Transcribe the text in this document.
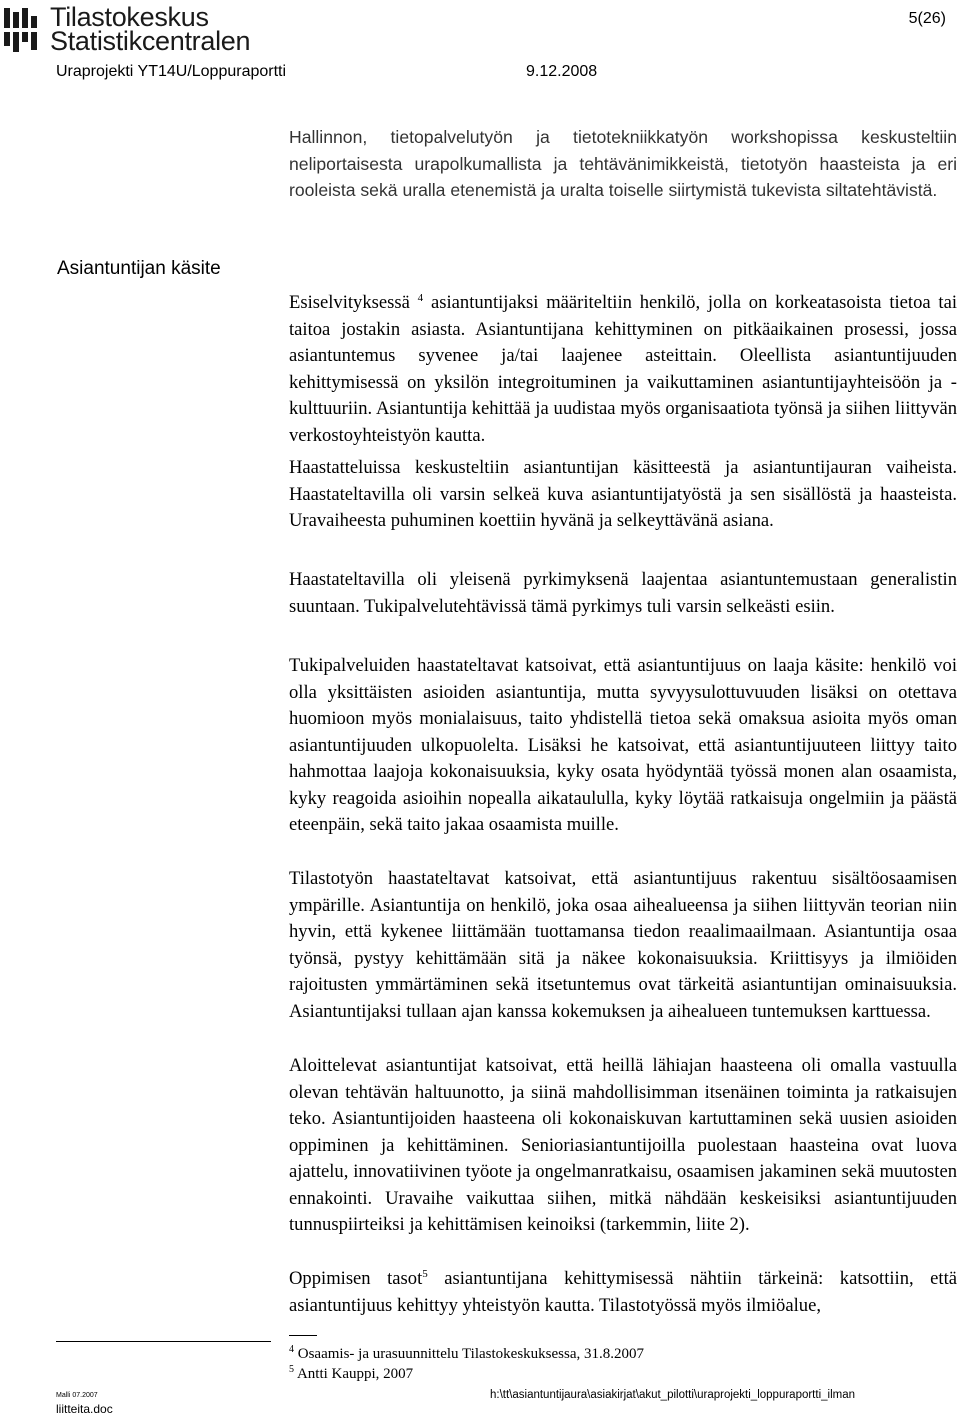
Tilastokeskus
Statistikcentralen
5(26)
Uraprojekti YT14U/Loppuraportti	9.12.2008
Asiantuntijan käsite

Hallinnon, tietopalvelutyön ja tietotekniikkatyön workshopissa keskusteltiin neliportaisesta urapolkumallista ja tehtävänimikkeistä, tietotyön haasteista ja eri rooleista sekä uralla etenemistä ja uralta toiselle siirtymistä tukevista siltatehtävistä.

Esiselvityksessä $^4$ asiantuntijaksi määriteltiin henkilö, jolla on korkeatasoista tietoa tai taitoa jostakin asiasta. Asiantuntijana kehittyminen on pitkäaikainen prosessi, jossa asiantuntemus syvenee ja/tai laajenee asteittain. Oleellista asiantuntijuuden kehittymisessä on yksilön integroituminen ja vaikuttaminen asiantuntijayhteisöön ja -kulttuuriin. Asiantuntija kehittää ja uudistaa myös organisaatiota työnsä ja siihen liittyvän verkostoyhteistyön kautta.

Haastatteluissa keskusteltiin asiantuntijan käsitteestä ja asiantuntijauran vaiheista. Haastateltavilla oli varsin selkeä kuva asiantuntijatyöstä ja sen sisällöstä ja haasteista. Uravaiheesta puhuminen koettiin hyvänä ja selkeyttävänä asiana.

Haastateltavilla oli yleisenä pyrkimyksenä laajentaa asiantuntemustaan generalistin suuntaan. Tukipalvelutehtävissä tämä pyrkimys tuli varsin selkeästi esiin.

Tukipalveluiden haastateltavat katsoivat, että asiantuntijuus on laaja käsite: henkilö voi olla yksittäisten asioiden asiantuntija, mutta syvyysulottuvuuden lisäksi on otettava huomioon myös monialaisuus, taito yhdistellä tietoa sekä omaksua asioita myös oman asiantuntijuuden ulkopuolelta. Lisäksi he katsoivat, että asiantuntijuuteen liittyy taito hahmottaa laajoja kokonaisuuksia, kyky osata hyödyntää työssä monen alan osaamista, kyky reagoida asioihin nopealla aikataululla, kyky löytää ratkaisuja ongelmiin ja päästä eteenpäin, sekä taito jakaa osaamista muille.

Tilastotyön haastateltavat katsoivat, että asiantuntijuus rakentuu sisältöosaamisen ympärille. Asiantuntija on henkilö, joka osaa aihealueensa ja siihen liittyvän teorian niin hyvin, että kykenee liittämään tuottamansa tiedon reaalimaailmaan. Asiantuntija osaa työnsä, pystyy kehittämään sitä ja näkee kokonaisuuksia. Kriittisyys ja ilmiöiden rajoitusten ymmärtäminen sekä itsetuntemus ovat tärkeitä asiantuntijan ominaisuuksia. Asiantuntijaksi tullaan ajan kanssa kokemuksen ja aihealueen tuntemuksen karttuessa.

Aloittelevat asiantuntijat katsoivat, että heillä lähiajan haasteena oli omalla vastuulla olevan tehtävän haltuunotto, ja siinä mahdollisimman itsenäinen toiminta ja ratkaisujen teko. Asiantuntijoiden haasteena oli kokonaiskuvan kartuttaminen sekä uusien asioiden oppiminen ja kehittäminen. Senioriasiantuntijoilla puolestaan haasteina ovat luova ajattelu, innovatiivinen työote ja ongelmanratkaisu, osaamisen jakaminen sekä muutosten ennakointi. Uravaihe vaikuttaa siihen, mitkä nähdään keskeisiksi asiantuntijuuden tunnuspiirteiksi ja kehittämisen keinoiksi (tarkemmin, liite 2).

Oppimisen tasot$^5$ asiantuntijana kehittymisessä nähtiin tärkeinä: katsottiin, että asiantuntijuus kehittyy yhteistyön kautta. Tilastotyössä myös ilmiöalue,

$^4$ Osaamis- ja urasuunnittelu Tilastokeskuksessa, 31.8.2007
$^5$ Antti Kauppi, 2007
Malli 07.2007
liitteita.doc
h:\tt\asiantuntijaura\asiakirjat\akut_pilotti\uraprojekti_loppuraportti_ilman
